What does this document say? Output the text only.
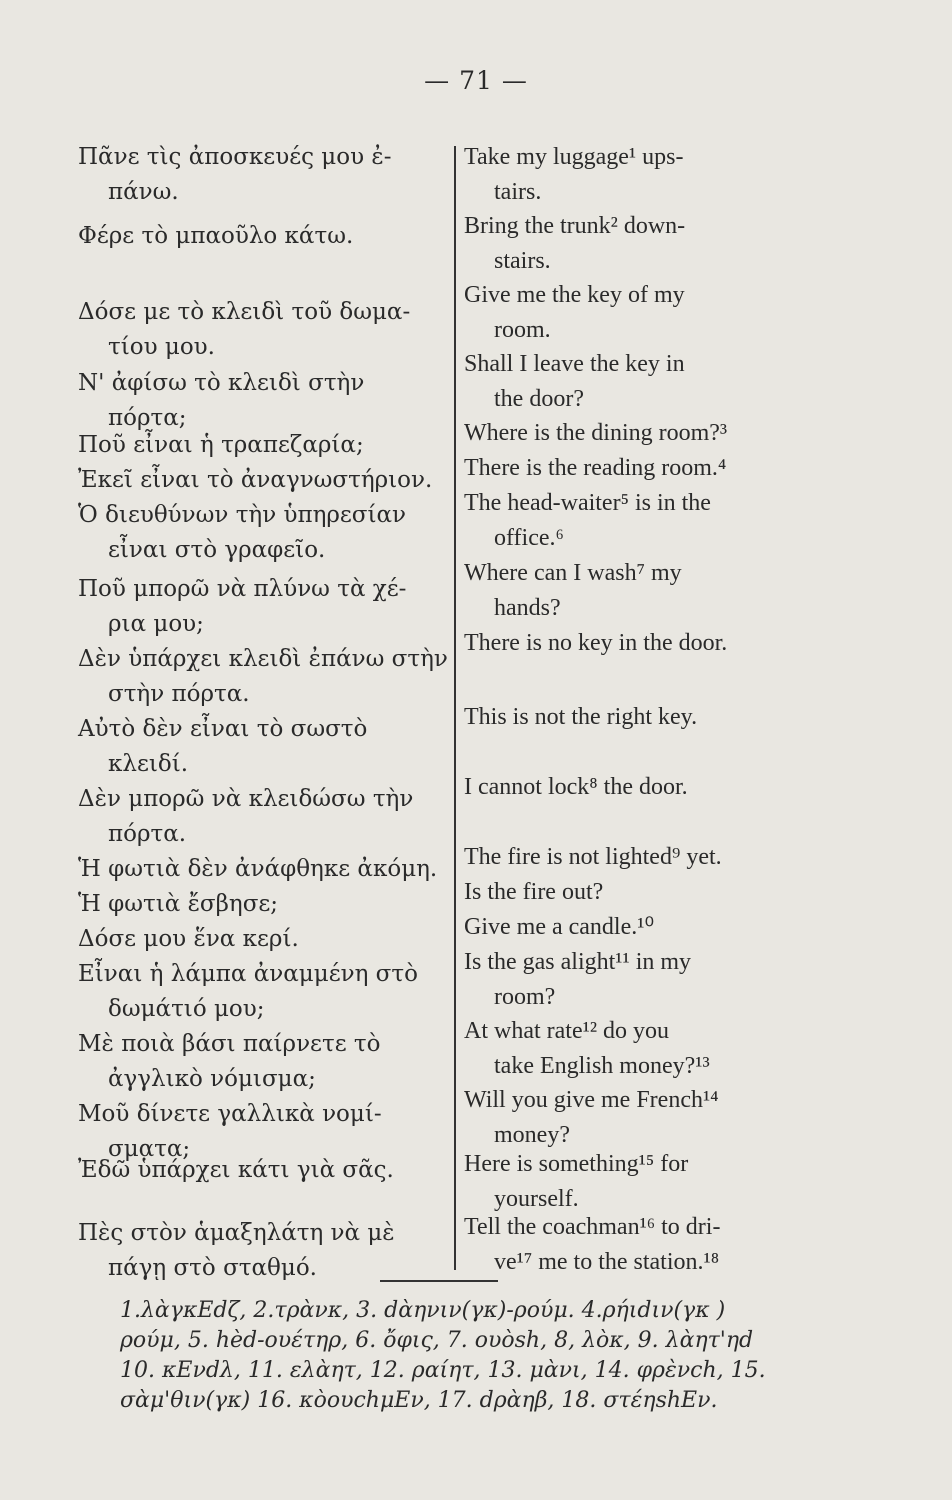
— 71 —
Πᾶνε τὶς ἀποσκευές μου ἐ-
πάνω.
Φέρε τὸ μπαοῦλο κάτω.
Δόσε με τὸ κλειδὶ τοῦ δωμα-
τίου μου.
Ν' ἀφίσω τὸ κλειδὶ στὴν
πόρτα;
Ποῦ εἶναι ἡ τραπεζαρία;
Ἐκεῖ εἶναι τὸ ἀναγνωστήριον.
Ὁ διευθύνων τὴν ὑπηρεσίαν
εἶναι στὸ γραφεῖο.
Ποῦ μπορῶ νὰ πλύνω τὰ χέ-
ρια μου;
Δὲν ὑπάρχει κλειδὶ ἐπάνω στὴν
στὴν πόρτα.
Αὐτὸ δὲν εἶναι τὸ σωστὸ
κλειδί.
Δὲν μπορῶ νὰ κλειδώσω τὴν
πόρτα.
Ἡ φωτιὰ δὲν ἀνάφθηκε ἀκόμη.
Ἡ φωτιὰ ἔσβησε;
Δόσε μου ἕνα κερί.
Εἶναι ἡ λάμπα ἀναμμένη στὸ
δωμάτιό μου;
Μὲ ποιὰ βάσι παίρνετε τὸ
ἀγγλικὸ νόμισμα;
Μοῦ δίνετε γαλλικὰ νομί-
σματα;
Ἐδῶ ὑπάρχει κάτι γιὰ σᾶς.
Πὲς στὸν ἁμαξηλάτη νὰ μὲ
πάγῃ στὸ σταθμό.
Take my luggage¹ ups-
tairs.
Bring the trunk² down-
stairs.
Give me the key of my
room.
Shall I leave the key in
the door?
Where is the dining room?³
There is the reading room.⁴
The head-waiter⁵ is in the
office.⁶
Where can I wash⁷ my
hands?
There is no key in the door.
This is not the right key.
I cannot lock⁸ the door.
The fire is not lighted⁹ yet.
Is the fire out?
Give me a candle.¹⁰
Is the gas alight¹¹ in my
room?
At what rate¹² do you
take English money?¹³
Will you give me French¹⁴
money?
Here is something¹⁵ for
yourself.
Tell the coachman¹⁶ to dri-
ve¹⁷ me to the station.¹⁸
1.λὰγκEdζ, 2.τρὰνκ, 3. dὰηνιν(γκ)-ρούμ. 4.ρήιdιν(γκ )
ρούμ, 5. hèd-ουέτηρ, 6. ὄφις, 7. ουὸsh, 8, λὸκ, 9. λὰητ'ηd
10. κEνdλ, 11. ελὰητ, 12. ραίητ, 13. μὰνι, 14. φρὲνch, 15.
σὰμ'θιν(γκ) 16. κὸουchμEν, 17. dρὰηβ, 18. στέηshEν.
